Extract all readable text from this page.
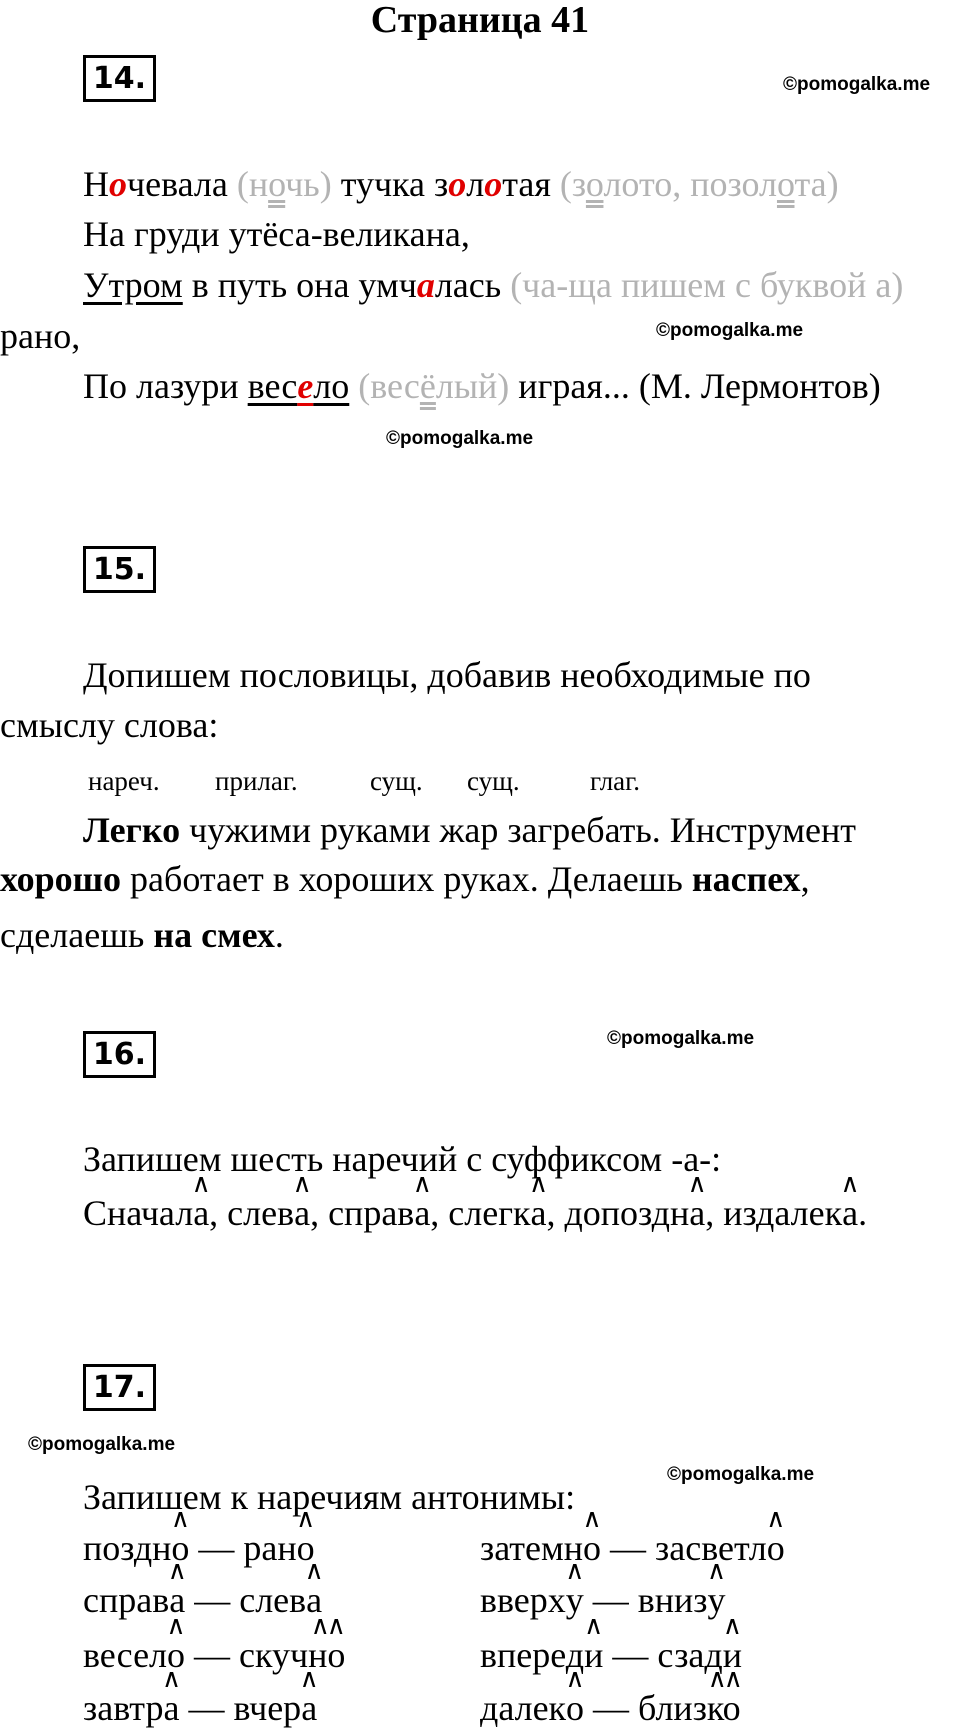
Страница 41
14.	©pomogalka.me
Ночевала (ночь) тучка золотая (золото, позолота)
На груди утёса-великана,
Утром в путь она умчалась (ча-ща пишем с буквой а)
©pomogalka.me
рано,
По лазури весело (весёлый) играя... (М. Лермонтов)
©pomogalka.me
15.
Допишем пословицы, добавив необходимые по
смыслу слова:
нареч. прилаг.	сущ. сущ.	глаг.
Легко чужими руками жар загребать. Инструмент
хорошо работает в хороших руках. Делаешь наспех,
сделаешь на смех.
16.	©pomogalka.me
Запишем шесть наречий с суффиксом -а-:
Сначал∧ а, слев∧ а, справ∧ а, слегк∧ а, допоздн∧ а, издалек∧ а.
17.
©pomogalka.me
©pomogalka.me
Запишем к наречиям антонимы:
поздн∧ о — ран∧ о
справ∧ а — слев∧ а
весел∧ о — скуч∧∧ но
завтр∧ а — вчер∧ а
затемн∧ о — засветл∧ о
вверх∧ у — вниз∧ у
вперед∧ и — сзад∧ и
далек∧ о — близ∧∧ ко
